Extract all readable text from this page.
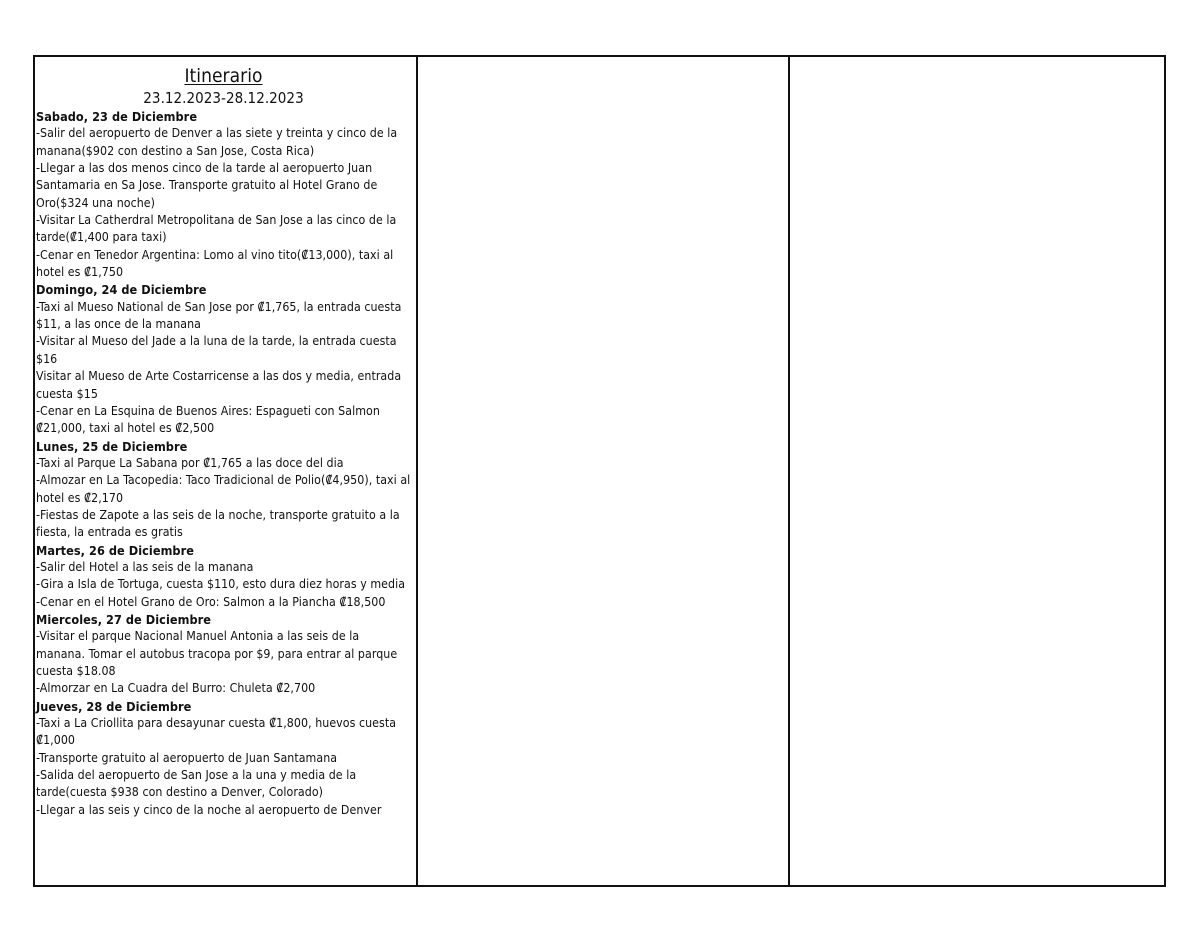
Itinerario
23.12.2023-28.12.2023
Sabado, 23 de Diciembre
-Salir del aeropuerto de Denver a las siete y treinta y cinco de la manana($902 con destino a San Jose, Costa Rica)
-Llegar a las dos menos cinco de la tarde al aeropuerto Juan Santamaria en Sa Jose. Transporte gratuito al Hotel Grano de Oro($324 una noche)
-Visitar La Catherdral Metropolitana de San Jose a las cinco de la tarde(₡1,400 para taxi)
-Cenar en Tenedor Argentina: Lomo al vino tito(₡13,000), taxi al hotel es ₡1,750
Domingo, 24 de Diciembre
-Taxi al Mueso National de San Jose por ₡1,765, la entrada cuesta $11, a las once de la manana
-Visitar al Mueso del Jade a la luna de la tarde, la entrada cuesta $16
Visitar al Mueso de Arte Costarricense a las dos y media, entrada cuesta $15
-Cenar en La Esquina de Buenos Aires: Espagueti con Salmon ₡21,000, taxi al hotel es ₡2,500
Lunes, 25 de Diciembre
-Taxi al Parque La Sabana por ₡1,765 a las doce del dia
-Almozar en La Tacopedia: Taco Tradicional de Polio(₡4,950), taxi al hotel es ₡2,170
-Fiestas de Zapote a las seis de la noche, transporte gratuito a la fiesta, la entrada es gratis
Martes, 26 de Diciembre
-Salir del Hotel a las seis de la manana
-Gira a Isla de Tortuga, cuesta $110, esto dura diez horas y media
-Cenar en el Hotel Grano de Oro: Salmon a la Piancha ₡18,500
Miercoles, 27 de Diciembre
-Visitar el parque Nacional Manuel Antonia a las seis de la manana. Tomar el autobus tracopa por $9, para entrar al parque cuesta $18.08
-Almorzar en La Cuadra del Burro: Chuleta ₡2,700
Jueves, 28 de Diciembre
-Taxi a La Criollita para desayunar cuesta ₡1,800, huevos cuesta ₡1,000
-Transporte gratuito al aeropuerto de Juan Santamana
-Salida del aeropuerto de San Jose a la una y media de la tarde(cuesta $938 con destino a Denver, Colorado)
-Llegar a las seis y cinco de la noche al aeropuerto de Denver
